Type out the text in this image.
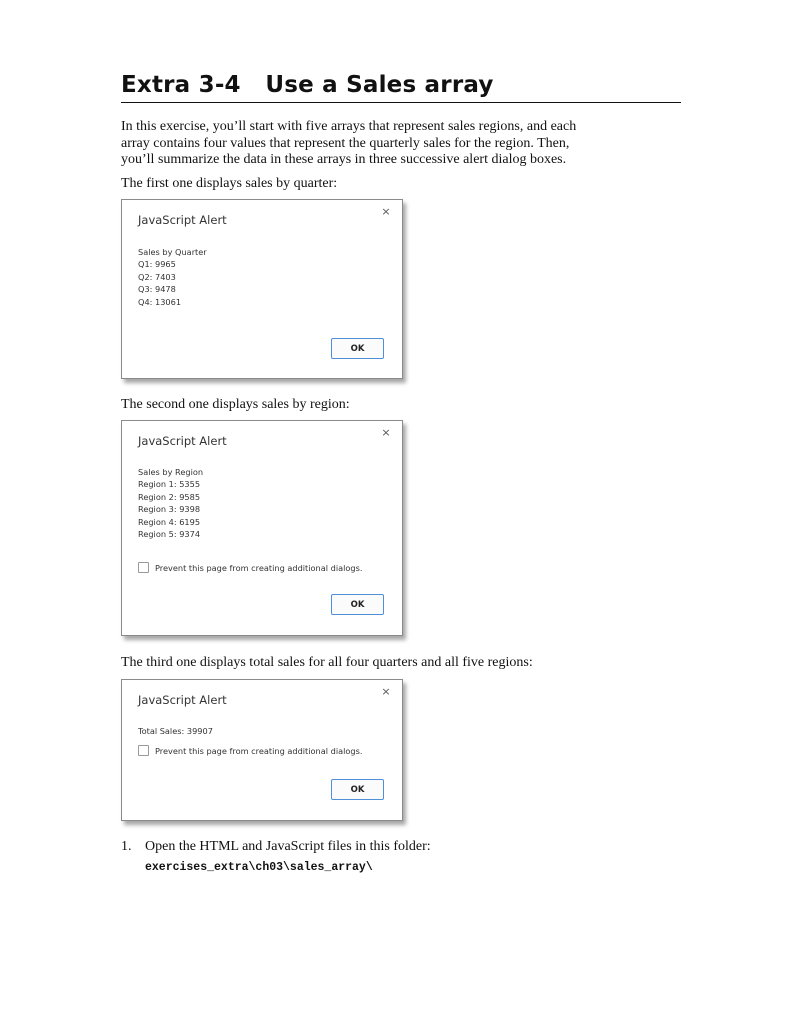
Extra 3-4 Use a Sales array
In this exercise, you’ll start with five arrays that represent sales regions, and each
array contains four values that represent the quarterly sales for the region. Then,
you’ll summarize the data in these arrays in three successive alert dialog boxes.
The first one displays sales by quarter:
JavaScript Alert
×
Sales by Quarter
Q1: 9965
Q2: 7403
Q3: 9478
Q4: 13061
OK
The second one displays sales by region:
JavaScript Alert
×
Sales by Region
Region 1: 5355
Region 2: 9585
Region 3: 9398
Region 4: 6195
Region 5: 9374
Prevent this page from creating additional dialogs.
OK
The third one displays total sales for all four quarters and all five regions:
JavaScript Alert
×
Total Sales: 39907
Prevent this page from creating additional dialogs.
OK
1. Open the HTML and JavaScript files in this folder:
exercises_extra\ch03\sales_array\
